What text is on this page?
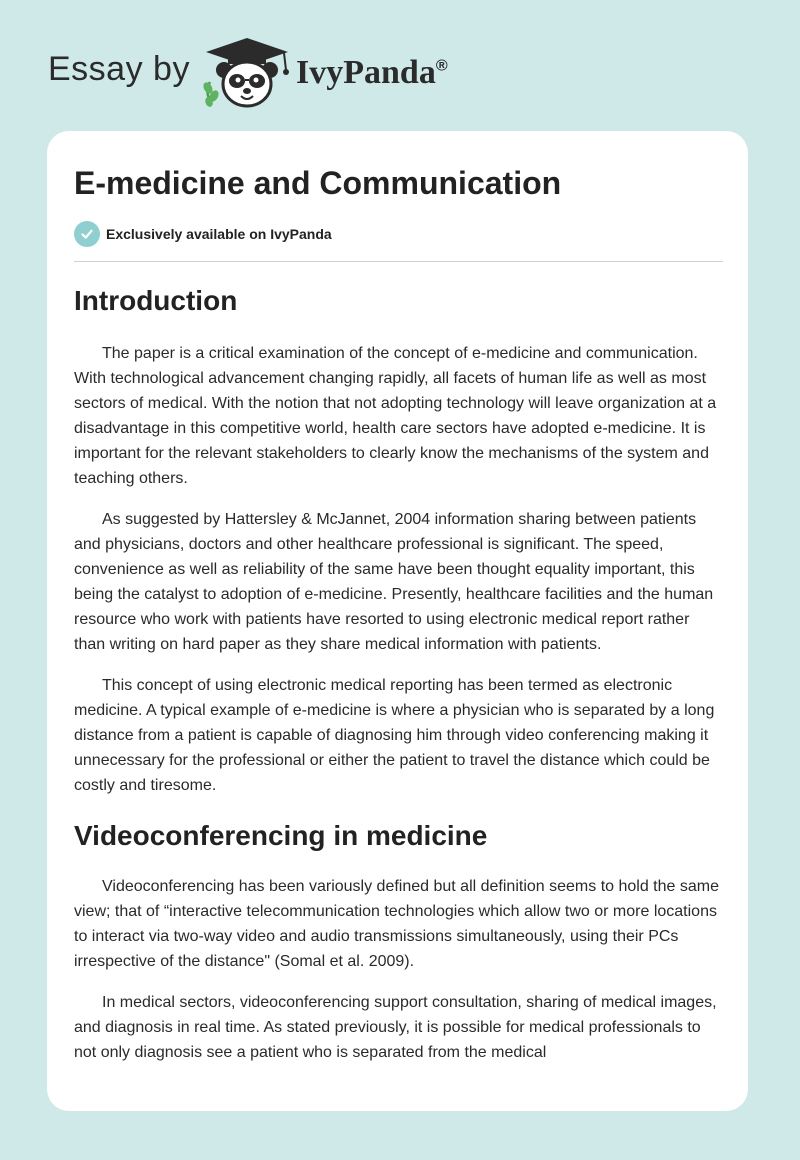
Essay by	IvyPanda®
E-medicine and Communication
Exclusively available on IvyPanda
Introduction

The paper is a critical examination of the concept of e-medicine and communication. With technological advancement changing rapidly, all facets of human life as well as most sectors of medical. With the notion that not adopting technology will leave organization at a disadvantage in this competitive world, health care sectors have adopted e-medicine. It is important for the relevant stakeholders to clearly know the mechanisms of the system and teaching others.

As suggested by Hattersley & McJannet, 2004 information sharing between patients and physicians, doctors and other healthcare professional is significant. The speed, convenience as well as reliability of the same have been thought equality important, this being the catalyst to adoption of e-medicine. Presently, healthcare facilities and the human resource who work with patients have resorted to using electronic medical report rather than writing on hard paper as they share medical information with patients.

This concept of using electronic medical reporting has been termed as electronic medicine. A typical example of e-medicine is where a physician who is separated by a long distance from a patient is capable of diagnosing him through video conferencing making it unnecessary for the professional or either the patient to travel the distance which could be costly and tiresome.

Videoconferencing in medicine

Videoconferencing has been variously defined but all definition seems to hold the same view; that of “interactive telecommunication technologies which allow two or more locations to interact via two-way video and audio transmissions simultaneously, using their PCs irrespective of the distance" (Somal et al. 2009).

In medical sectors, videoconferencing support consultation, sharing of medical images, and diagnosis in real time. As stated previously, it is possible for medical professionals to not only diagnosis see a patient who is separated from the medical
